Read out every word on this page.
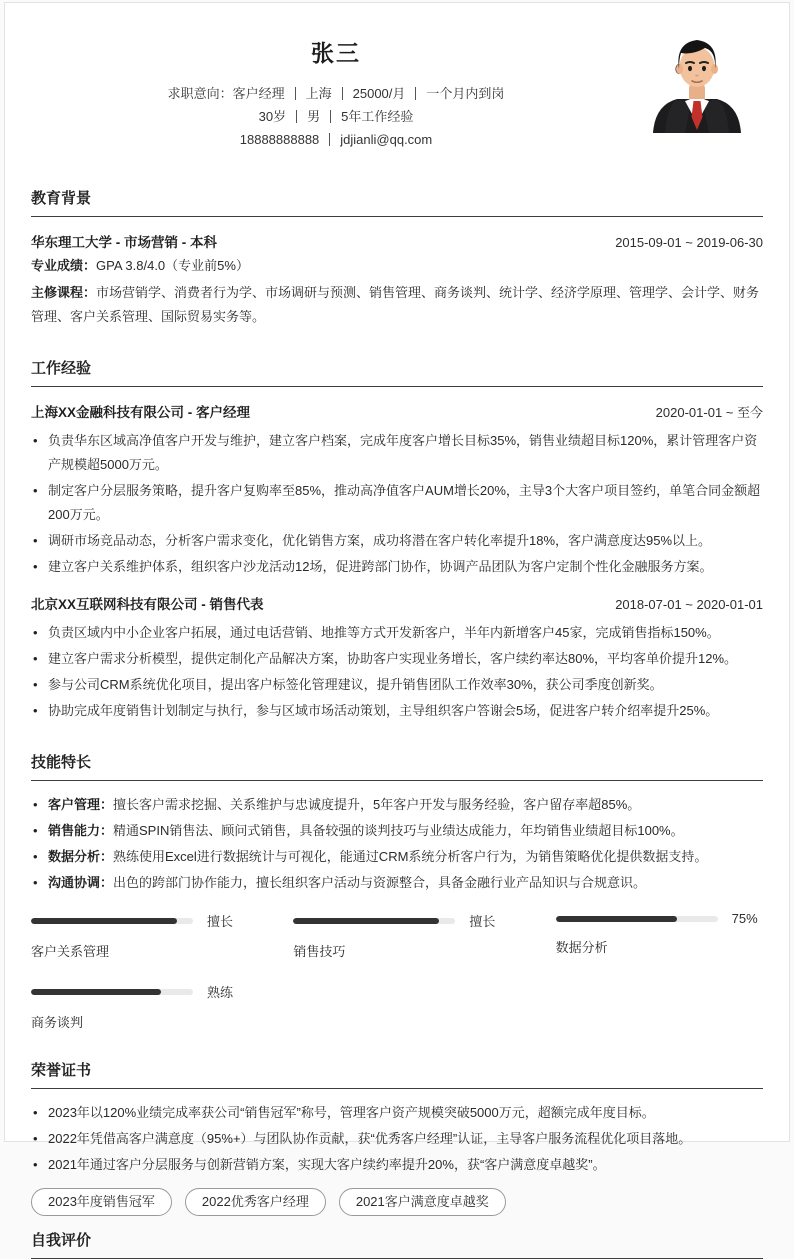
张三
求职意向：客户经理 上海 25000/月 一个月内到岗
30岁 男 5年工作经验
18888888888 jdjianli@qq.com
教育背景
华东理工大学 - 市场营销 - 本科	2015-09-01 ~ 2019-06-30
专业成绩：GPA 3.8/4.0（专业前5%）
主修课程：市场营销学、消费者行为学、市场调研与预测、销售管理、商务谈判、统计学、经济学原理、管理学、会计学、财务管理、客户关系管理、国际贸易实务等。
工作经验
上海XX金融科技有限公司 - 客户经理	2020-01-01 ~ 至今
• 负责华东区域高净值客户开发与维护，建立客户档案，完成年度客户增长目标35%，销售业绩超目标120%，累计管理客户资产规模超5000万元。
• 制定客户分层服务策略，提升客户复购率至85%，推动高净值客户AUM增长20%，主导3个大客户项目签约，单笔合同金额超200万元。
• 调研市场竞品动态，分析客户需求变化，优化销售方案，成功将潜在客户转化率提升18%，客户满意度达95%以上。
• 建立客户关系维护体系，组织客户沙龙活动12场，促进跨部门协作，协调产品团队为客户定制个性化金融服务方案。
北京XX互联网科技有限公司 - 销售代表	2018-07-01 ~ 2020-01-01
• 负责区域内中小企业客户拓展，通过电话营销、地推等方式开发新客户，半年内新增客户45家，完成销售指标150%。
• 建立客户需求分析模型，提供定制化产品解决方案，协助客户实现业务增长，客户续约率达80%，平均客单价提升12%。
• 参与公司CRM系统优化项目，提出客户标签化管理建议，提升销售团队工作效率30%，获公司季度创新奖。
• 协助完成年度销售计划制定与执行，参与区域市场活动策划，主导组织客户答谢会5场，促进客户转介绍率提升25%。
技能特长
• 客户管理：擅长客户需求挖掘、关系维护与忠诚度提升，5年客户开发与服务经验，客户留存率超85%。
• 销售能力：精通SPIN销售法、顾问式销售，具备较强的谈判技巧与业绩达成能力，年均销售业绩超目标100%。
• 数据分析：熟练使用Excel进行数据统计与可视化，能通过CRM系统分析客户行为，为销售策略优化提供数据支持。
• 沟通协调：出色的跨部门协作能力，擅长组织客户活动与资源整合，具备金融行业产品知识与合规意识。
擅长
客户关系管理
擅长
销售技巧
75%
数据分析
熟练
商务谈判
荣誉证书
• 2023年以120%业绩完成率获公司“销售冠军”称号，管理客户资产规模突破5000万元，超额完成年度目标。
• 2022年凭借高客户满意度（95%+）与团队协作贡献，获“优秀客户经理”认证，主导客户服务流程优化项目落地。
• 2021年通过客户分层服务与创新营销方案，实现大客户续约率提升20%，获“客户满意度卓越奖”。
2023年度销售冠军	2022优秀客户经理	2021客户满意度卓越奖
自我评价
